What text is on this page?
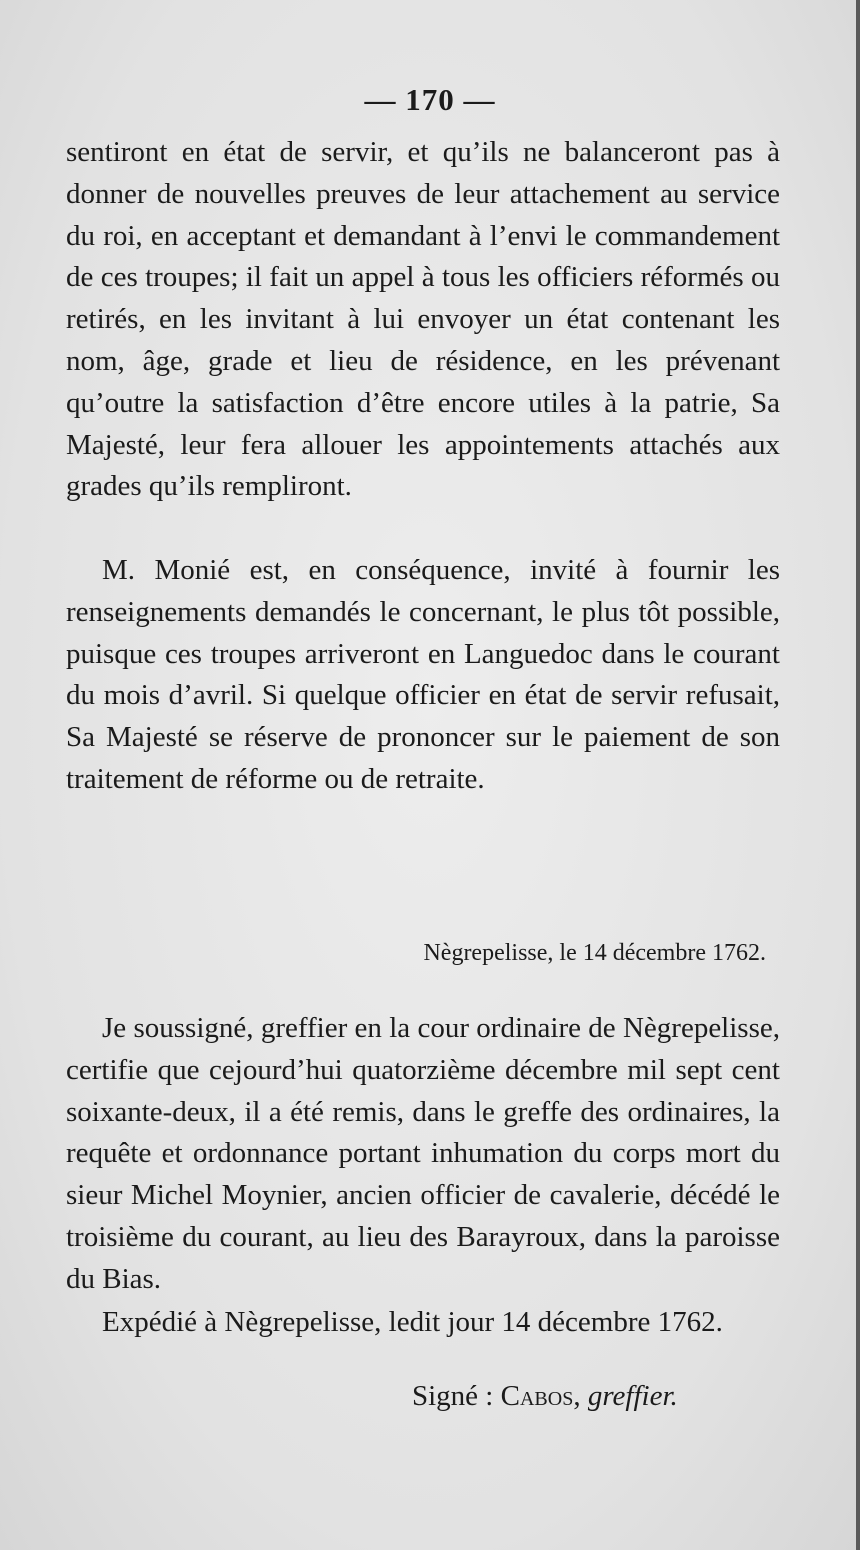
— 170 —

sentiront en état de servir, et qu’ils ne balanceront pas à donner de nouvelles preuves de leur attachement au service du roi, en acceptant et demandant à l’envi le commandement de ces troupes; il fait un appel à tous les officiers réformés ou retirés, en les invitant à lui envoyer un état contenant les nom, âge, grade et lieu de résidence, en les prévenant qu’outre la satisfaction d’être encore utiles à la patrie, Sa Majesté, leur fera allouer les appointements attachés aux grades qu’ils rempliront.

M. Monié est, en conséquence, invité à fournir les renseignements demandés le concernant, le plus tôt possible, puisque ces troupes arriveront en Languedoc dans le courant du mois d’avril. Si quelque officier en état de servir refusait, Sa Majesté se réserve de prononcer sur le paiement de son traitement de réforme ou de retraite.

Nègrepelisse, le 14 décembre 1762.

Je soussigné, greffier en la cour ordinaire de Nègrepelisse, certifie que cejourd’hui quatorzième décembre mil sept cent soixante-deux, il a été remis, dans le greffe des ordinaires, la requête et ordonnance portant inhumation du corps mort du sieur Michel Moynier, ancien officier de cavalerie, décédé le troisième du courant, au lieu des Barayroux, dans la paroisse du Bias.

Expédié à Nègrepelisse, ledit jour 14 décembre 1762.

Signé : Cabos, greffier.
